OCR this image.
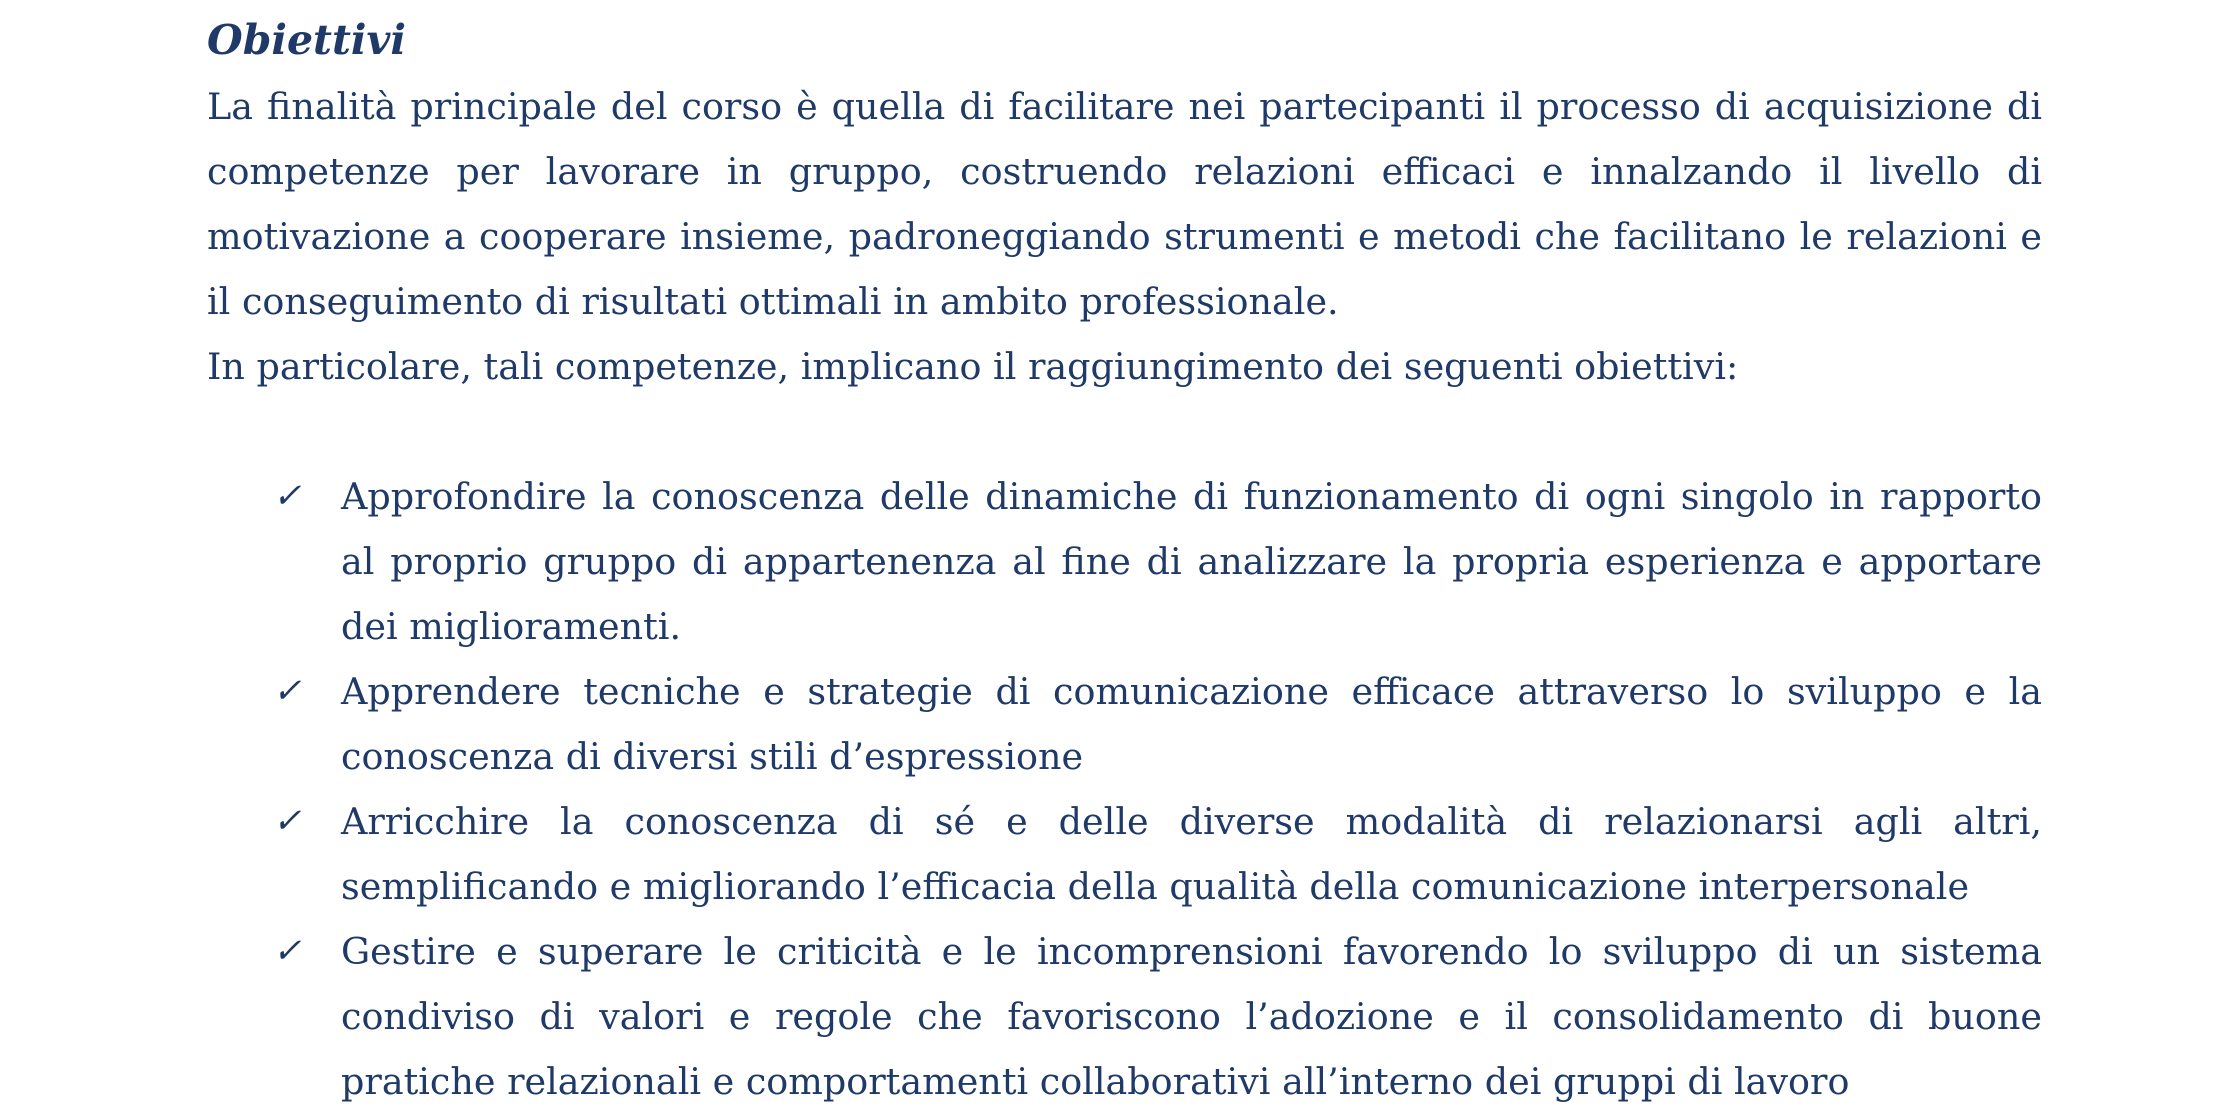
Obiettivi

La finalità principale del corso è quella di facilitare nei partecipanti il processo di acquisizione di competenze per lavorare in gruppo, costruendo relazioni efficaci e innalzando il livello di motivazione a cooperare insieme, padroneggiando strumenti e metodi che facilitano le relazioni e il conseguimento di risultati ottimali in ambito professionale.

In particolare, tali competenze, implicano il raggiungimento dei seguenti obiettivi:

✓ Approfondire la conoscenza delle dinamiche di funzionamento di ogni singolo in rapporto al proprio gruppo di appartenenza al fine di analizzare la propria esperienza e apportare dei miglioramenti.
✓ Apprendere tecniche e strategie di comunicazione efficace attraverso lo sviluppo e la conoscenza di diversi stili d’espressione
✓ Arricchire la conoscenza di sé e delle diverse modalità di relazionarsi agli altri, semplificando e migliorando l’efficacia della qualità della comunicazione interpersonale
✓ Gestire e superare le criticità e le incomprensioni favorendo lo sviluppo di un sistema condiviso di valori e regole che favoriscono l’adozione e il consolidamento di buone pratiche relazionali e comportamenti collaborativi all’interno dei gruppi di lavoro
